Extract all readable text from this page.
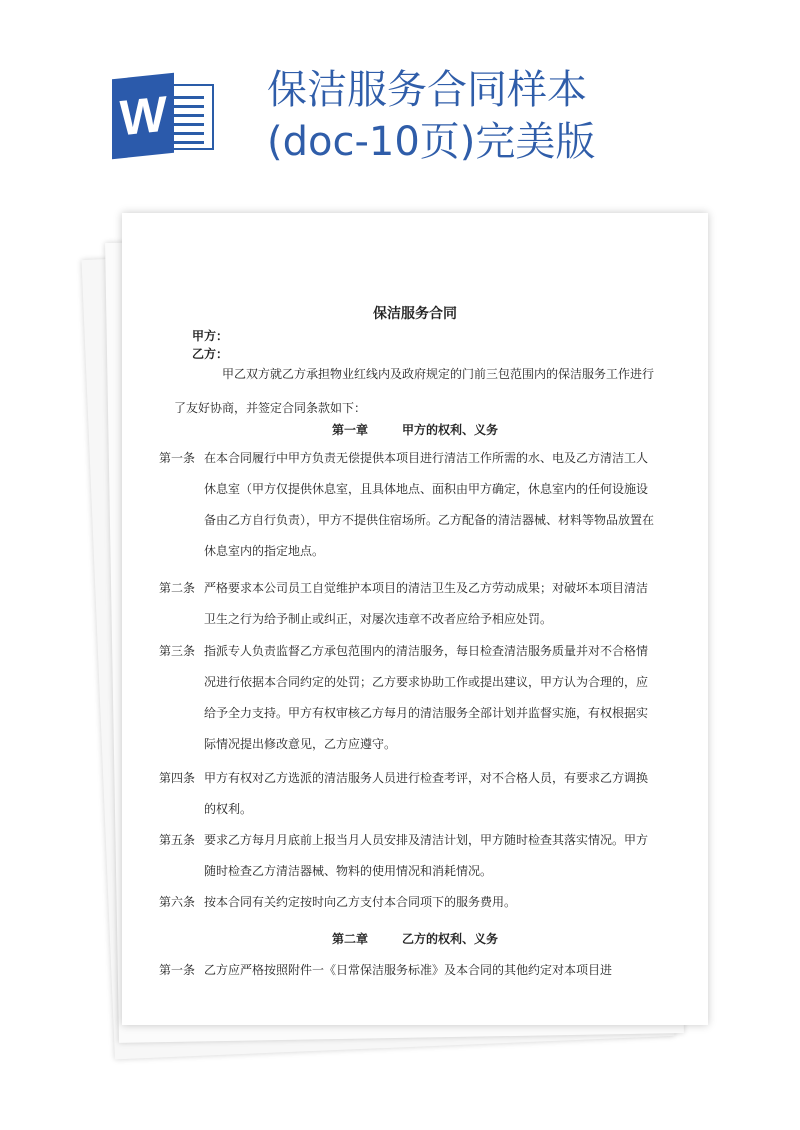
W	保洁服务合同样本(doc-10页)完美版
保洁服务合同
甲方：
乙方：
甲乙双方就乙方承担物业红线内及政府规定的门前三包范围内的保洁服务工作进行了友好协商，并签定合同条款如下：
第一章	甲方的权利、义务
第一条 在本合同履行中甲方负责无偿提供本项目进行清洁工作所需的水、电及乙方清洁工人休息室（甲方仅提供休息室，且具体地点、面积由甲方确定，休息室内的任何设施设备由乙方自行负责），甲方不提供住宿场所。乙方配备的清洁器械、材料等物品放置在休息室内的指定地点。
第二条 严格要求本公司员工自觉维护本项目的清洁卫生及乙方劳动成果；对破坏本项目清洁卫生之行为给予制止或纠正，对屡次违章不改者应给予相应处罚。
第三条 指派专人负责监督乙方承包范围内的清洁服务，每日检查清洁服务质量并对不合格情况进行依据本合同约定的处罚；乙方要求协助工作或提出建议，甲方认为合理的，应给予全力支持。甲方有权审核乙方每月的清洁服务全部计划并监督实施，有权根据实际情况提出修改意见，乙方应遵守。
第四条 甲方有权对乙方选派的清洁服务人员进行检查考评，对不合格人员，有要求乙方调换的权利。
第五条 要求乙方每月月底前上报当月人员安排及清洁计划，甲方随时检查其落实情况。甲方随时检查乙方清洁器械、物料的使用情况和消耗情况。
第六条 按本合同有关约定按时向乙方支付本合同项下的服务费用。
第二章	乙方的权利、义务
第一条 乙方应严格按照附件一《日常保洁服务标准》及本合同的其他约定对本项目进
